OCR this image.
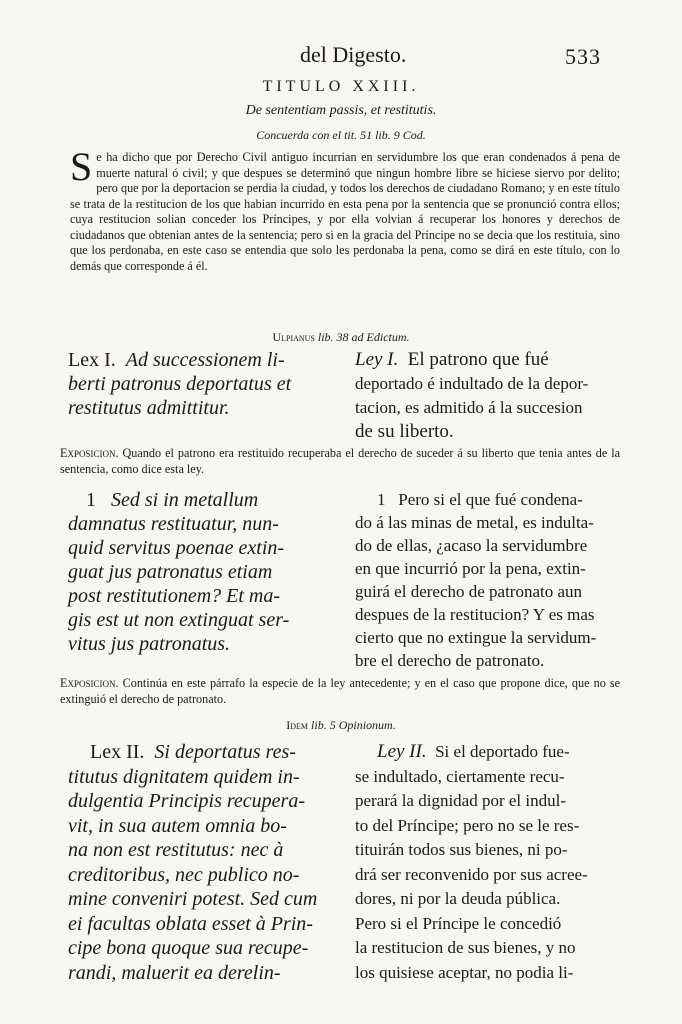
del Digesto.	533
TITULO XXIII.
De sententiam passis, et restitutis.
Concuerda con el tit. 51 lib. 9 Cod.
Se ha dicho que por Derecho Civil antiguo incurrian en servidumbre los que eran condenados á pena de muerte natural ó civil; y que despues se determinó que ningun hombre libre se hiciese siervo por delito; pero que por la deportacion se perdia la ciudad, y todos los derechos de ciudadano Romano; y en este título se trata de la restitucion de los que habian incurrido en esta pena por la sentencia que se pronunció contra ellos; cuya restitucion solian conceder los Príncipes, y por ella volvian á recuperar los honores y derechos de ciudadanos que obtenian antes de la sentencia; pero si en la gracia del Príncipe no se decia que los restituia, sino que los perdonaba, en este caso se entendia que solo les perdonaba la pena, como se dirá en este título, con lo demás que corresponde á él.
Ulpianus lib. 38 ad Edictum.
Lex I. Ad successionem li-
berti patronus deportatus et
restitutus admittitur.
Ley I. El patrono que fué
deportado é indultado de la depor-
tacion, es admitido á la succesion
de su liberto.
Exposicion. Quando el patrono era restituido recuperaba el derecho de suceder á su liberto que tenia antes de la sentencia, como dice esta ley.
1 Sed si in metallum
damnatus restituatur, nun-
quid servitus poenae extin-
guat jus patronatus etiam
post restitutionem? Et ma-
gis est ut non extinguat ser-
vitus jus patronatus.
1 Pero si el que fué condena-
do á las minas de metal, es indulta-
do de ellas, ¿acaso la servidumbre
en que incurrió por la pena, extin-
guirá el derecho de patronato aun
despues de la restitucion? Y es mas
cierto que no extingue la servidum-
bre el derecho de patronato.
Exposicion. Continúa en este párrafo la especie de la ley antecedente; y en el caso que propone dice, que no se extinguió el derecho de patronato.
Idem lib. 5 Opinionum.
Lex II. Si deportatus res-
titutus dignitatem quidem in-
dulgentia Principis recupera-
vit, in sua autem omnia bo-
na non est restitutus: nec à
creditoribus, nec publico no-
mine conveniri potest. Sed cum
ei facultas oblata esset à Prin-
cipe bona quoque sua recupe-
randi, maluerit ea derelin-
Ley II. Si el deportado fue-
se indultado, ciertamente recu-
perará la dignidad por el indul-
to del Príncipe; pero no se le res-
tituirán todos sus bienes, ni po-
drá ser reconvenido por sus acree-
dores, ni por la deuda pública.
Pero si el Príncipe le concedió
la restitucion de sus bienes, y no
los quisiese aceptar, no podia li-
